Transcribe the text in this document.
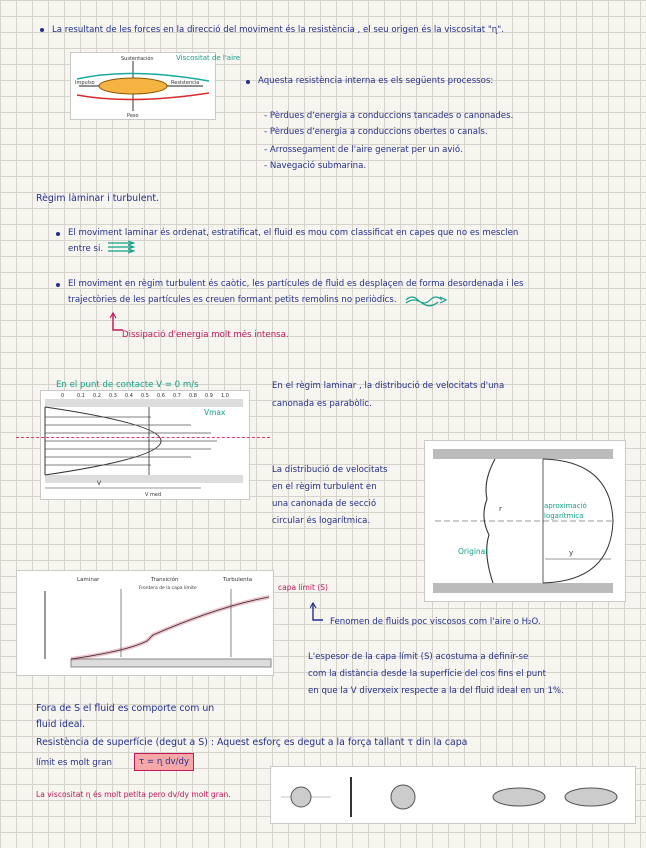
La resultant de les forces en la direcció del moviment és la resistència , el seu origen és la viscositat "ɳ".
Sustentación
Resistencia
Peso
Impulso
Viscositat de l'aire
Aquesta resistència interna es els següents processos:
- Pèrdues d'energia a conduccions tancades o canonades.
- Pèrdues d'energia a conduccions obertes o canals.
- Arrossegament de l'aire generat per un avió.
- Navegació submarina.
Règim làminar i turbulent.
El moviment laminar és ordenat, estratificat, el fluid es mou com classificat en capes que no es mesclen
entre si.
El moviment en règim turbulent és caòtic, les partícules de fluid es desplaçen de forma desordenada i les
trajectòries de les partícules es creuen formant petits remolins no periòdics.
Dissipació d'energia molt més intensa.
En el punt de contacte V = 0 m/s
0	0.1 0.2 0.3 0.4 0.5 0.6 0.7 0.8 0.9 1.0
V
V med
Vmax
En el règim laminar , la distribució de velocitats d'una
canonada es parabòlic.
La distribució de velocitats
en el règim turbulent en
una canonada de secció
circular és logarítmica.
r
y
aproximació
logarítmica
Original
Laminar	Transición
Frontera de la capa límite
Turbulenta
capa límit (S)
Fenomen de fluids poc viscosos com l'aire o H₂O.
L'espesor de la capa límit (S) acostuma a definir-se
com la distància desde la superfície del cos fins el punt
en que la V diverxeix respecte a la del fluid ideal en un 1%.
Fora de S el fluid es comporte com un
fluid ideal.
Resistència de superfície (degut a S) : Aquest esforç es degut a la força tallant τ din la capa
límit es molt gran	τ = ɳ dv/dy
La viscositat ɳ és molt petita pero dv/dy molt gran.
